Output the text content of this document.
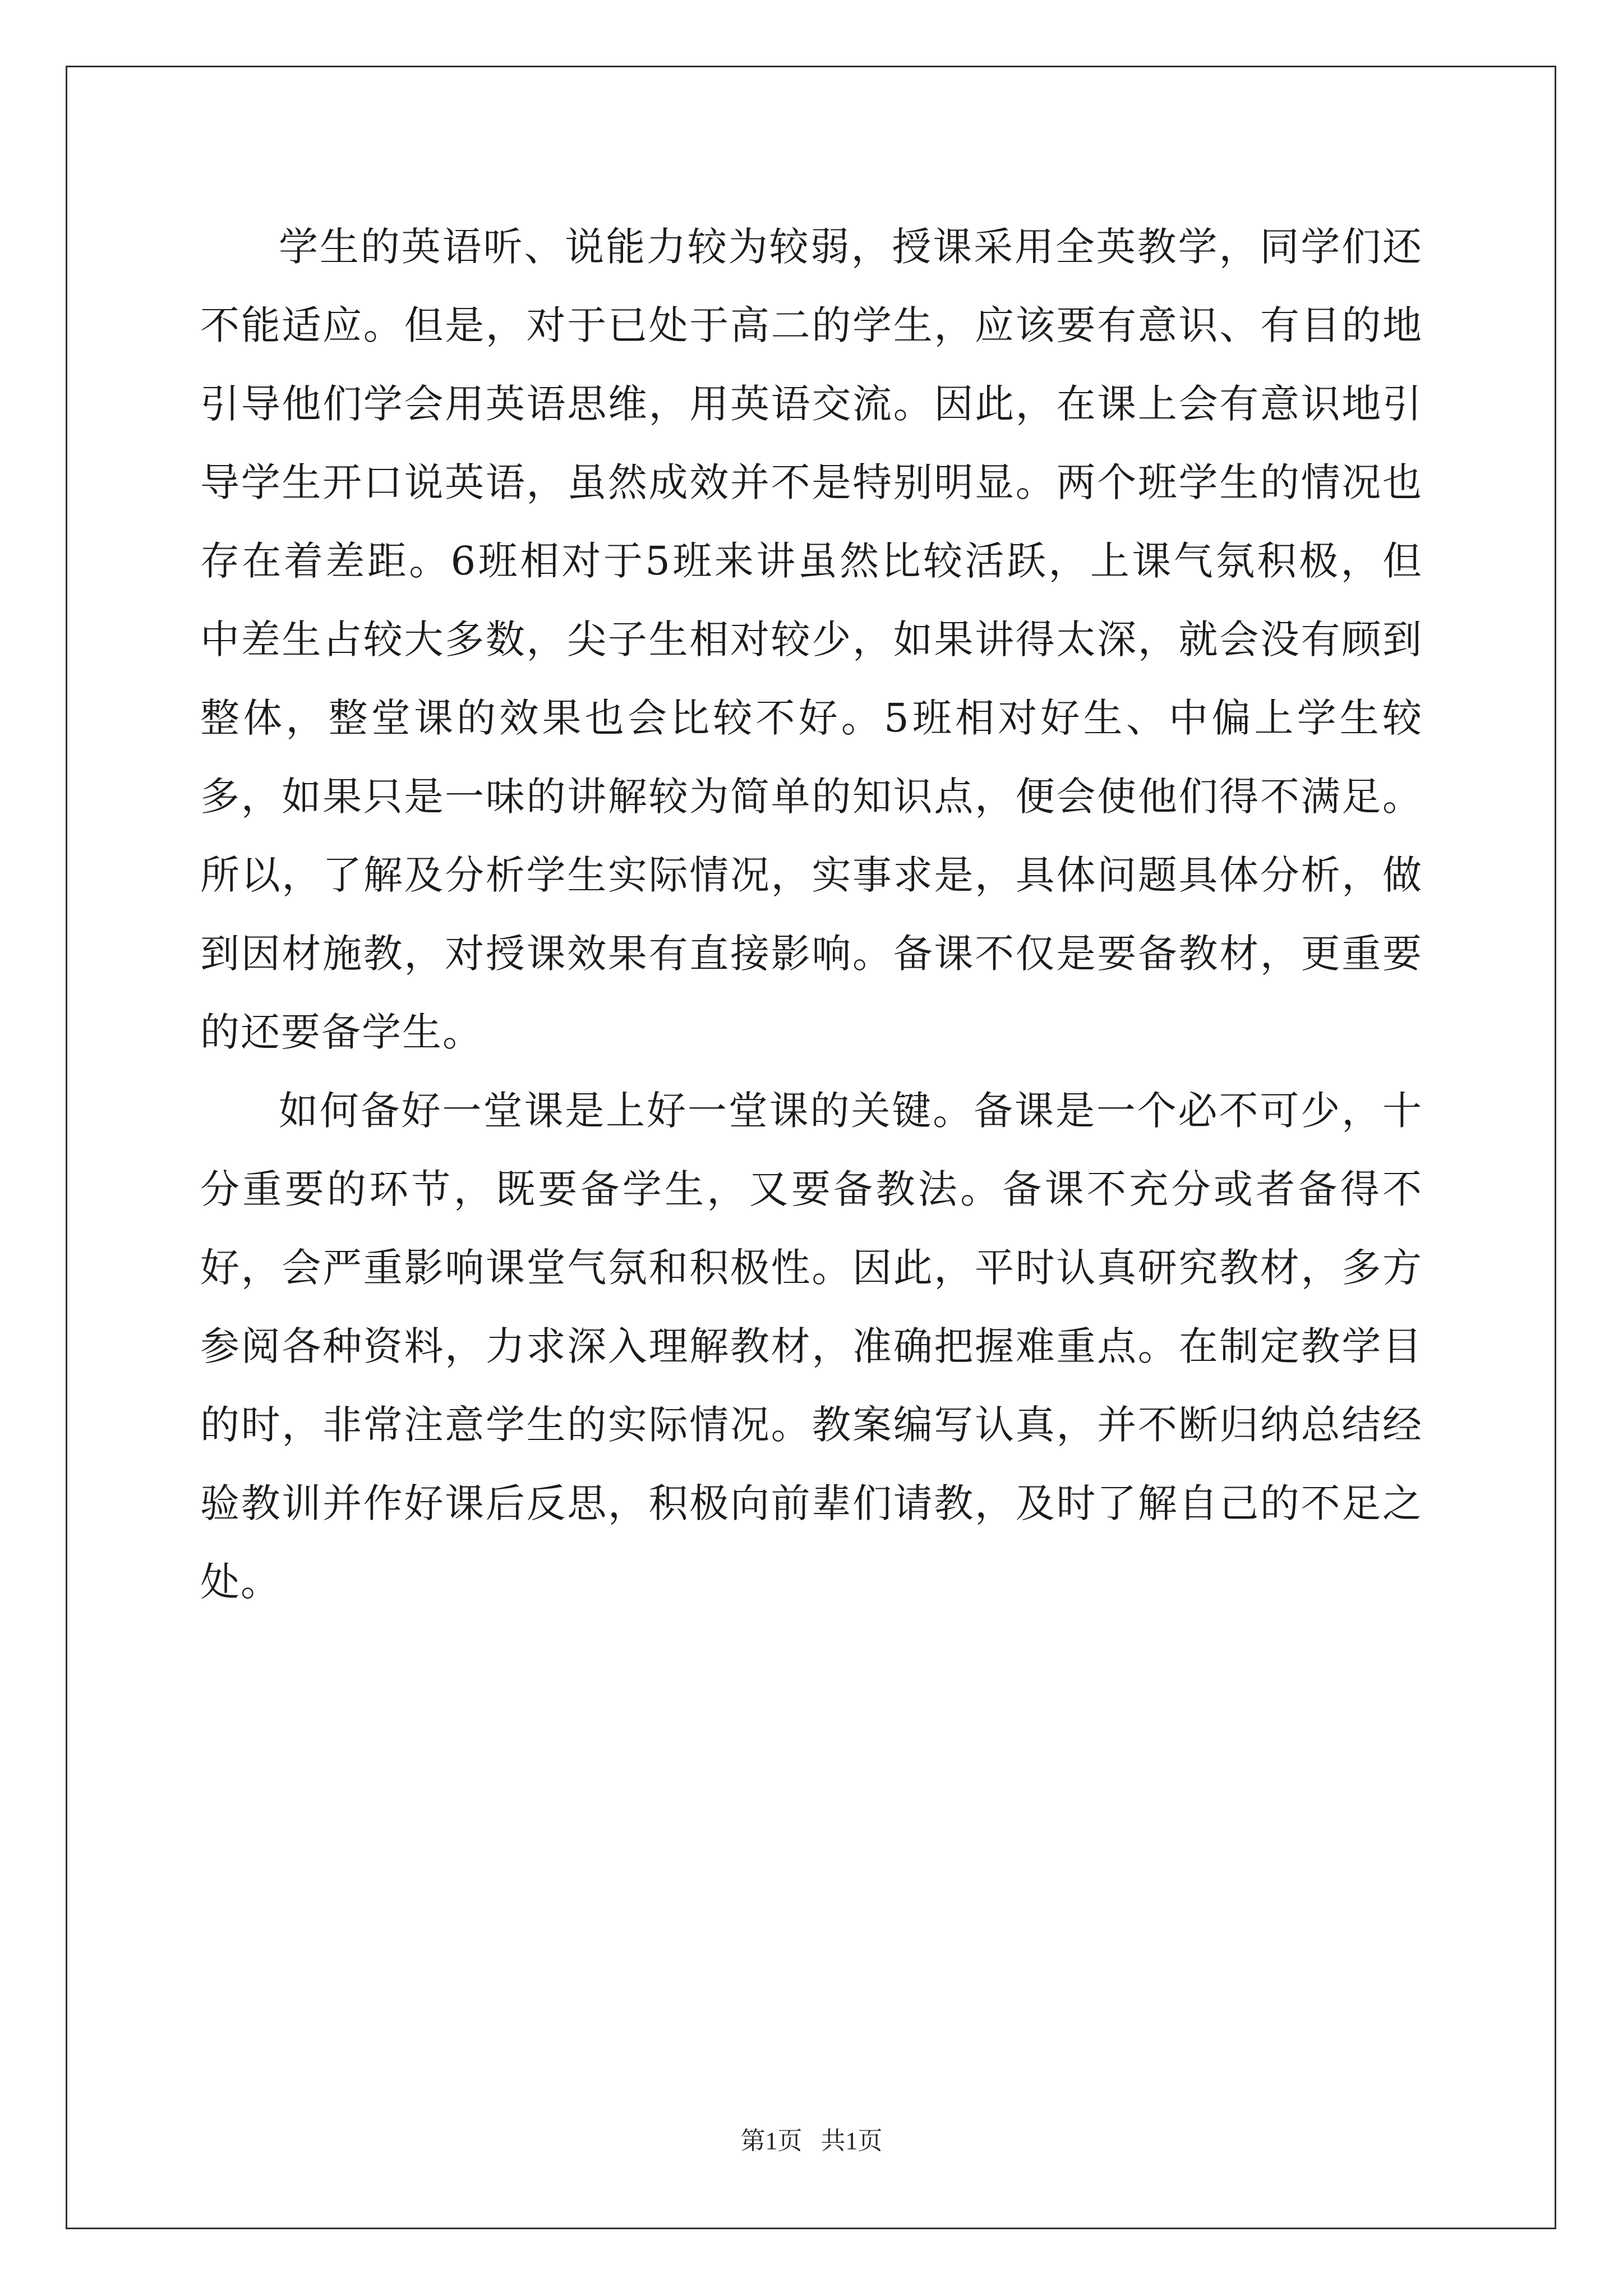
学生的英语听、说能力较为较弱，授课采用全英教学，同学们还不能适应。但是，对于已处于高二的学生，应该要有意识、有目的地引导他们学会用英语思维，用英语交流。因此，在课上会有意识地引导学生开口说英语，虽然成效并不是特别明显。两个班学生的情况也存在着差距。6班相对于5班来讲虽然比较活跃，上课气氛积极，但中差生占较大多数，尖子生相对较少，如果讲得太深，就会没有顾到整体，整堂课的效果也会比较不好。5班相对好生、中偏上学生较多，如果只是一味的讲解较为简单的知识点，便会使他们得不满足。所以，了解及分析学生实际情况，实事求是，具体问题具体分析，做到因材施教，对授课效果有直接影响。备课不仅是要备教材，更重要的还要备学生。

如何备好一堂课是上好一堂课的关键。备课是一个必不可少，十分重要的环节，既要备学生，又要备教法。备课不充分或者备得不好，会严重影响课堂气氛和积极性。因此，平时认真研究教材，多方参阅各种资料，力求深入理解教材，准确把握难重点。在制定教学目的时，非常注意学生的实际情况。教案编写认真，并不断归纳总结经验教训并作好课后反思，积极向前辈们请教，及时了解自己的不足之处。

第1页   共1页
